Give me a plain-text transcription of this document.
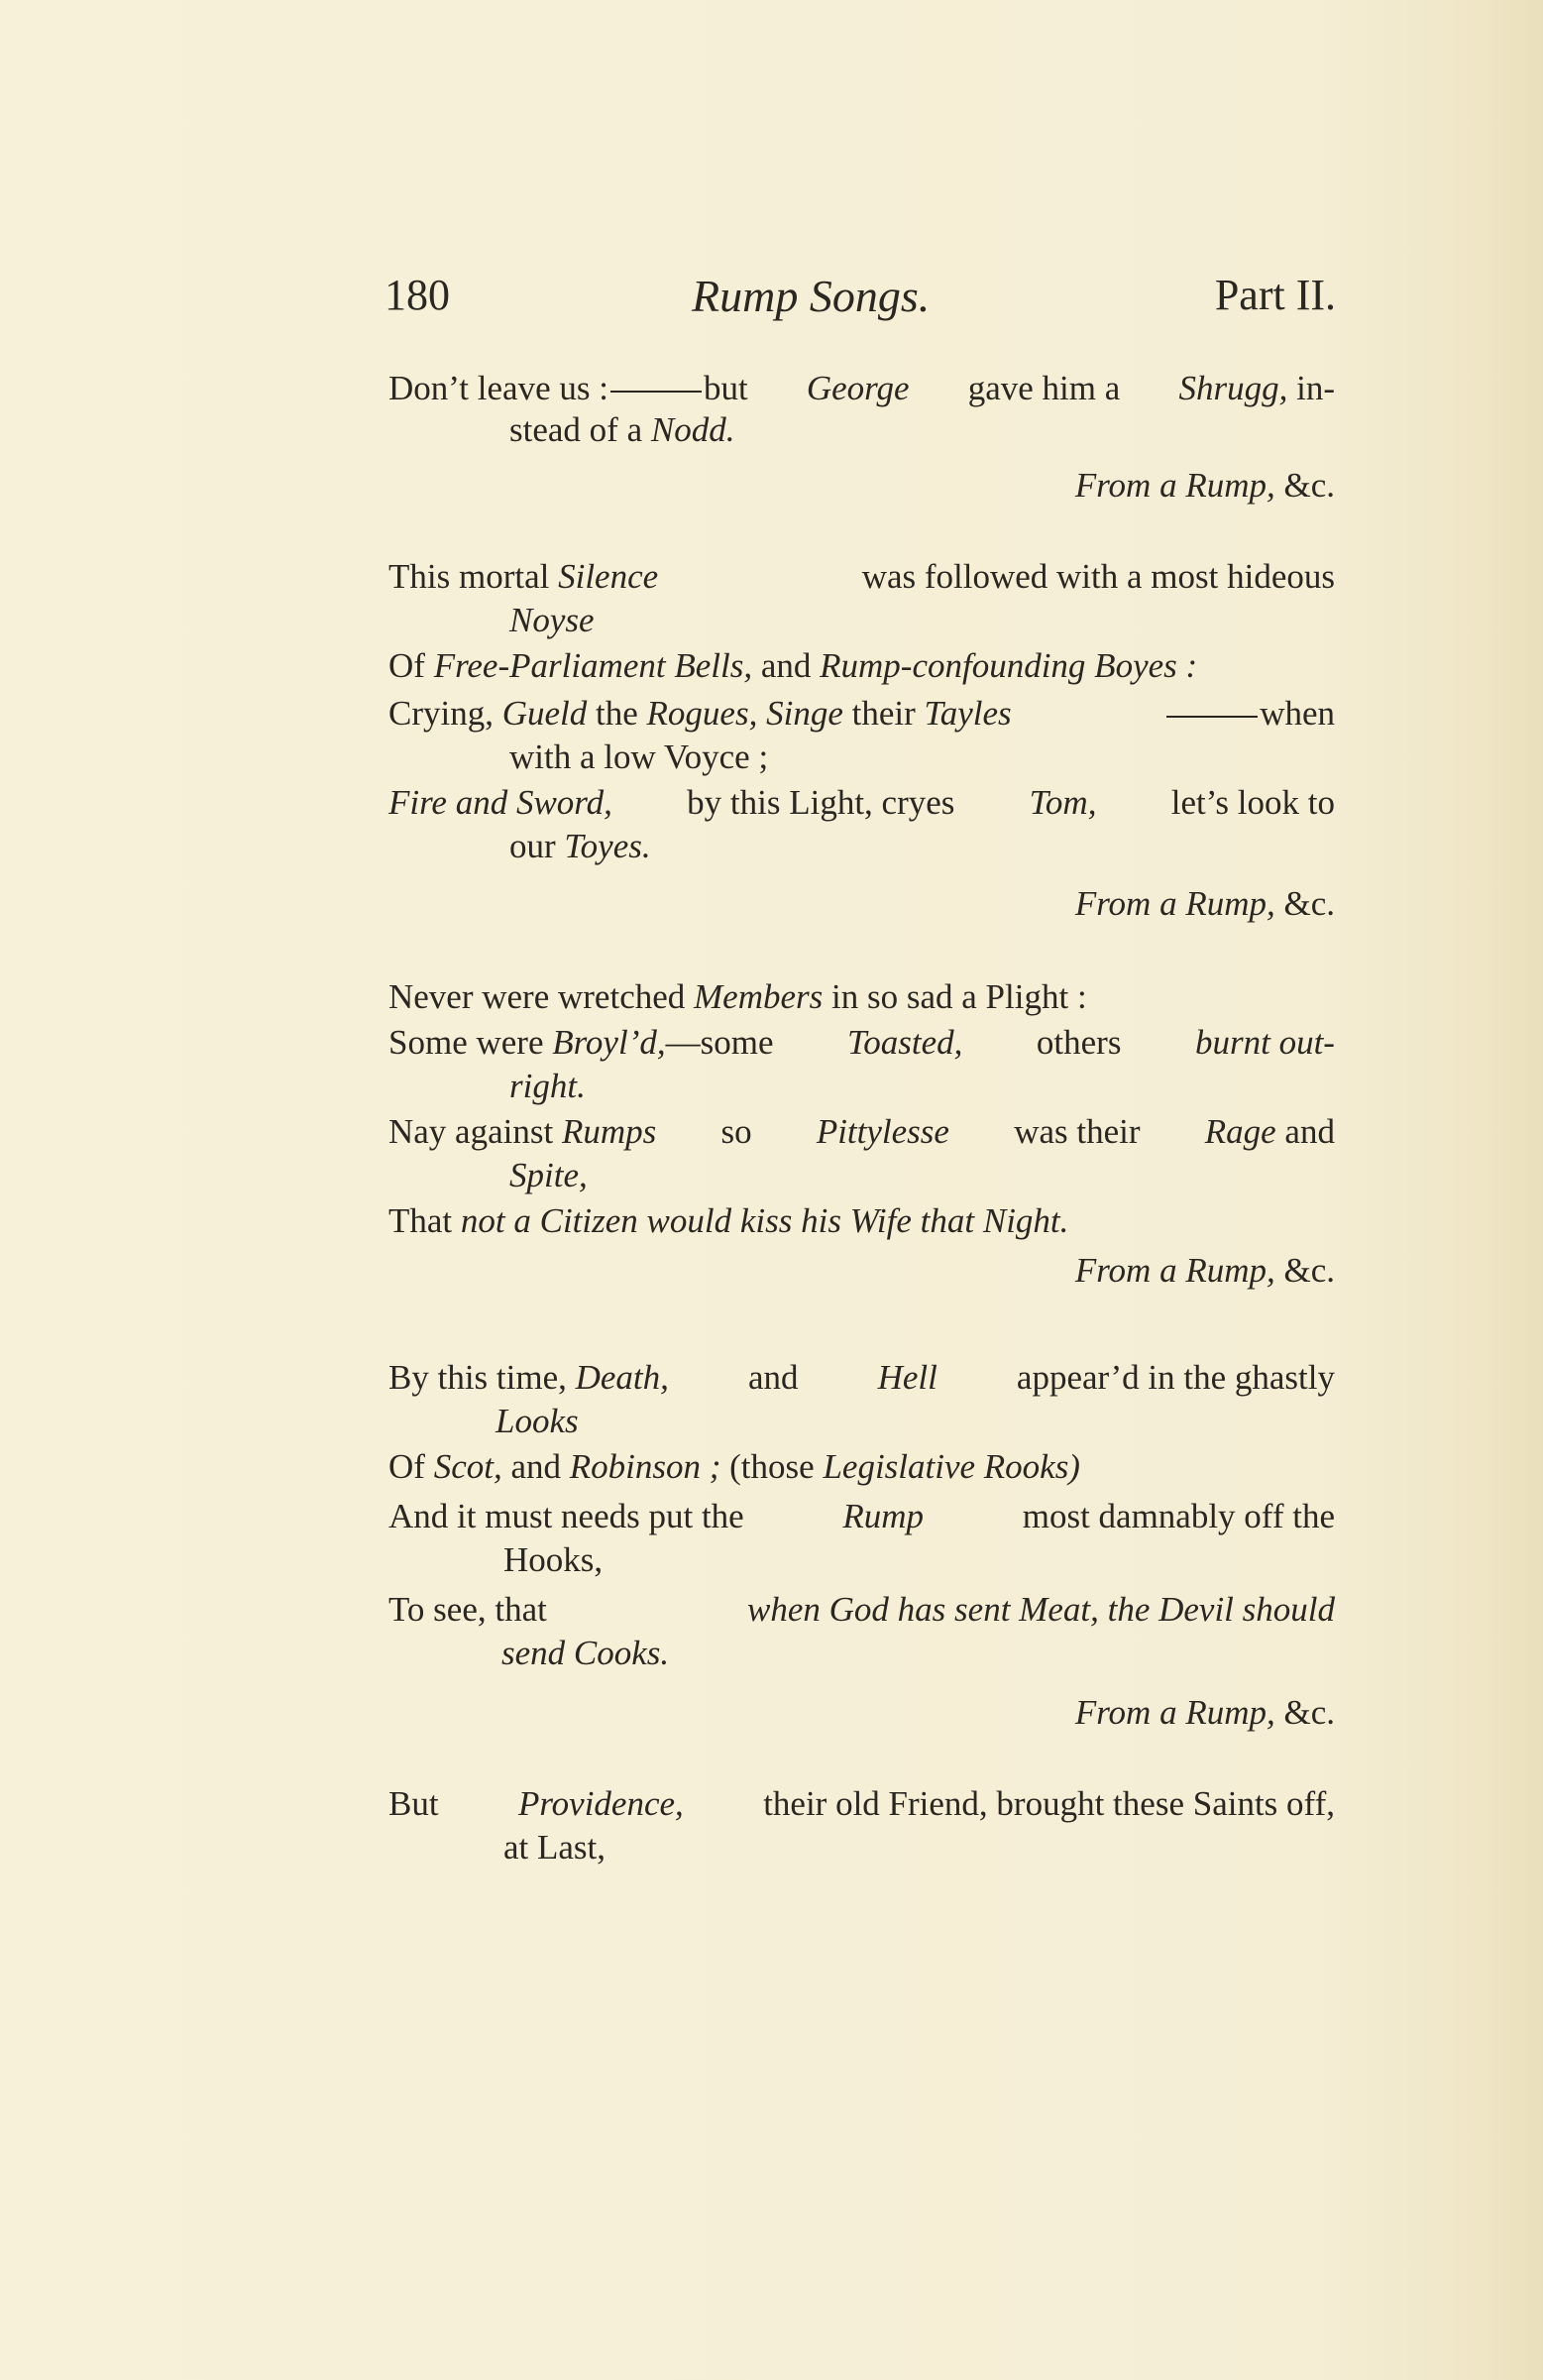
180	Rump Songs.	Part II.
Don’t leave us :	but George gave him a Shrugg, in-
stead of a Nodd.
From a Rump, &c.
This mortal Silence	was followed with a most hideous
Noyse
Of Free-Parliament Bells, and Rump-confounding Boyes :
Crying, Gueld the Rogues, Singe their Tayles	when
with a low Voyce ;
Fire and Sword, by this Light, cryes Tom, let’s look to
our Toyes.
From a Rump, &c.
Never were wretched Members in so sad a Plight :
Some were Broyl’d,—some Toasted, others burnt out-
right.
Nay against Rumps so Pittylesse was their Rage and
Spite,
That not a Citizen would kiss his Wife that Night.
From a Rump, &c.
By this time, Death, and Hell appear’d in the ghastly
Looks
Of Scot, and Robinson ; (those Legislative Rooks)
And it must needs put the	Rump	most damnably off the
Hooks,
To see, that	when God has sent Meat, the Devil should
send Cooks.
From a Rump, &c.
But Providence, their old Friend, brought these Saints off,
at Last,
